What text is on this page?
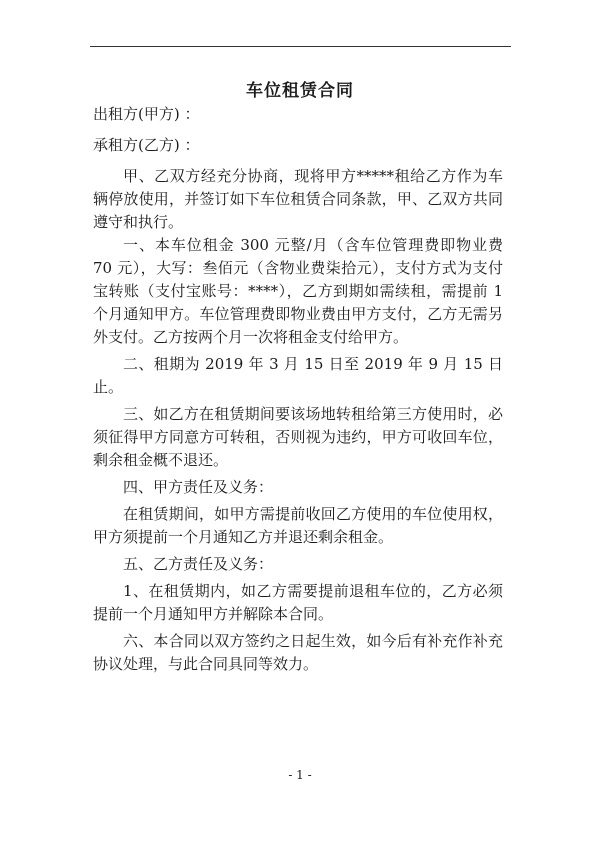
车位租赁合同

出租方(甲方) ：

承租方(乙方) ：

甲、乙双方经充分协商，现将甲方*****租给乙方作为车辆停放使用，并签订如下车位租赁合同条款，甲、乙双方共同遵守和执行。

一、本车位租金 300 元整/月（含车位管理费即物业费 70 元），大写：叁佰元（含物业费柒拾元），支付方式为支付宝转账（支付宝账号：****），乙方到期如需续租，需提前 1 个月通知甲方。车位管理费即物业费由甲方支付，乙方无需另外支付。乙方按两个月一次将租金支付给甲方。

二、租期为 2019 年 3 月 15 日至 2019 年 9 月 15 日止。

三、如乙方在租赁期间要该场地转租给第三方使用时，必须征得甲方同意方可转租，否则视为违约，甲方可收回车位，剩余租金概不退还。

四、甲方责任及义务：

在租赁期间，如甲方需提前收回乙方使用的车位使用权，甲方须提前一个月通知乙方并退还剩余租金。

五、乙方责任及义务：

1、在租赁期内，如乙方需要提前退租车位的，乙方必须提前一个月通知甲方并解除本合同。

六、本合同以双方签约之日起生效，如今后有补充作补充协议处理，与此合同具同等效力。

- 1 -
